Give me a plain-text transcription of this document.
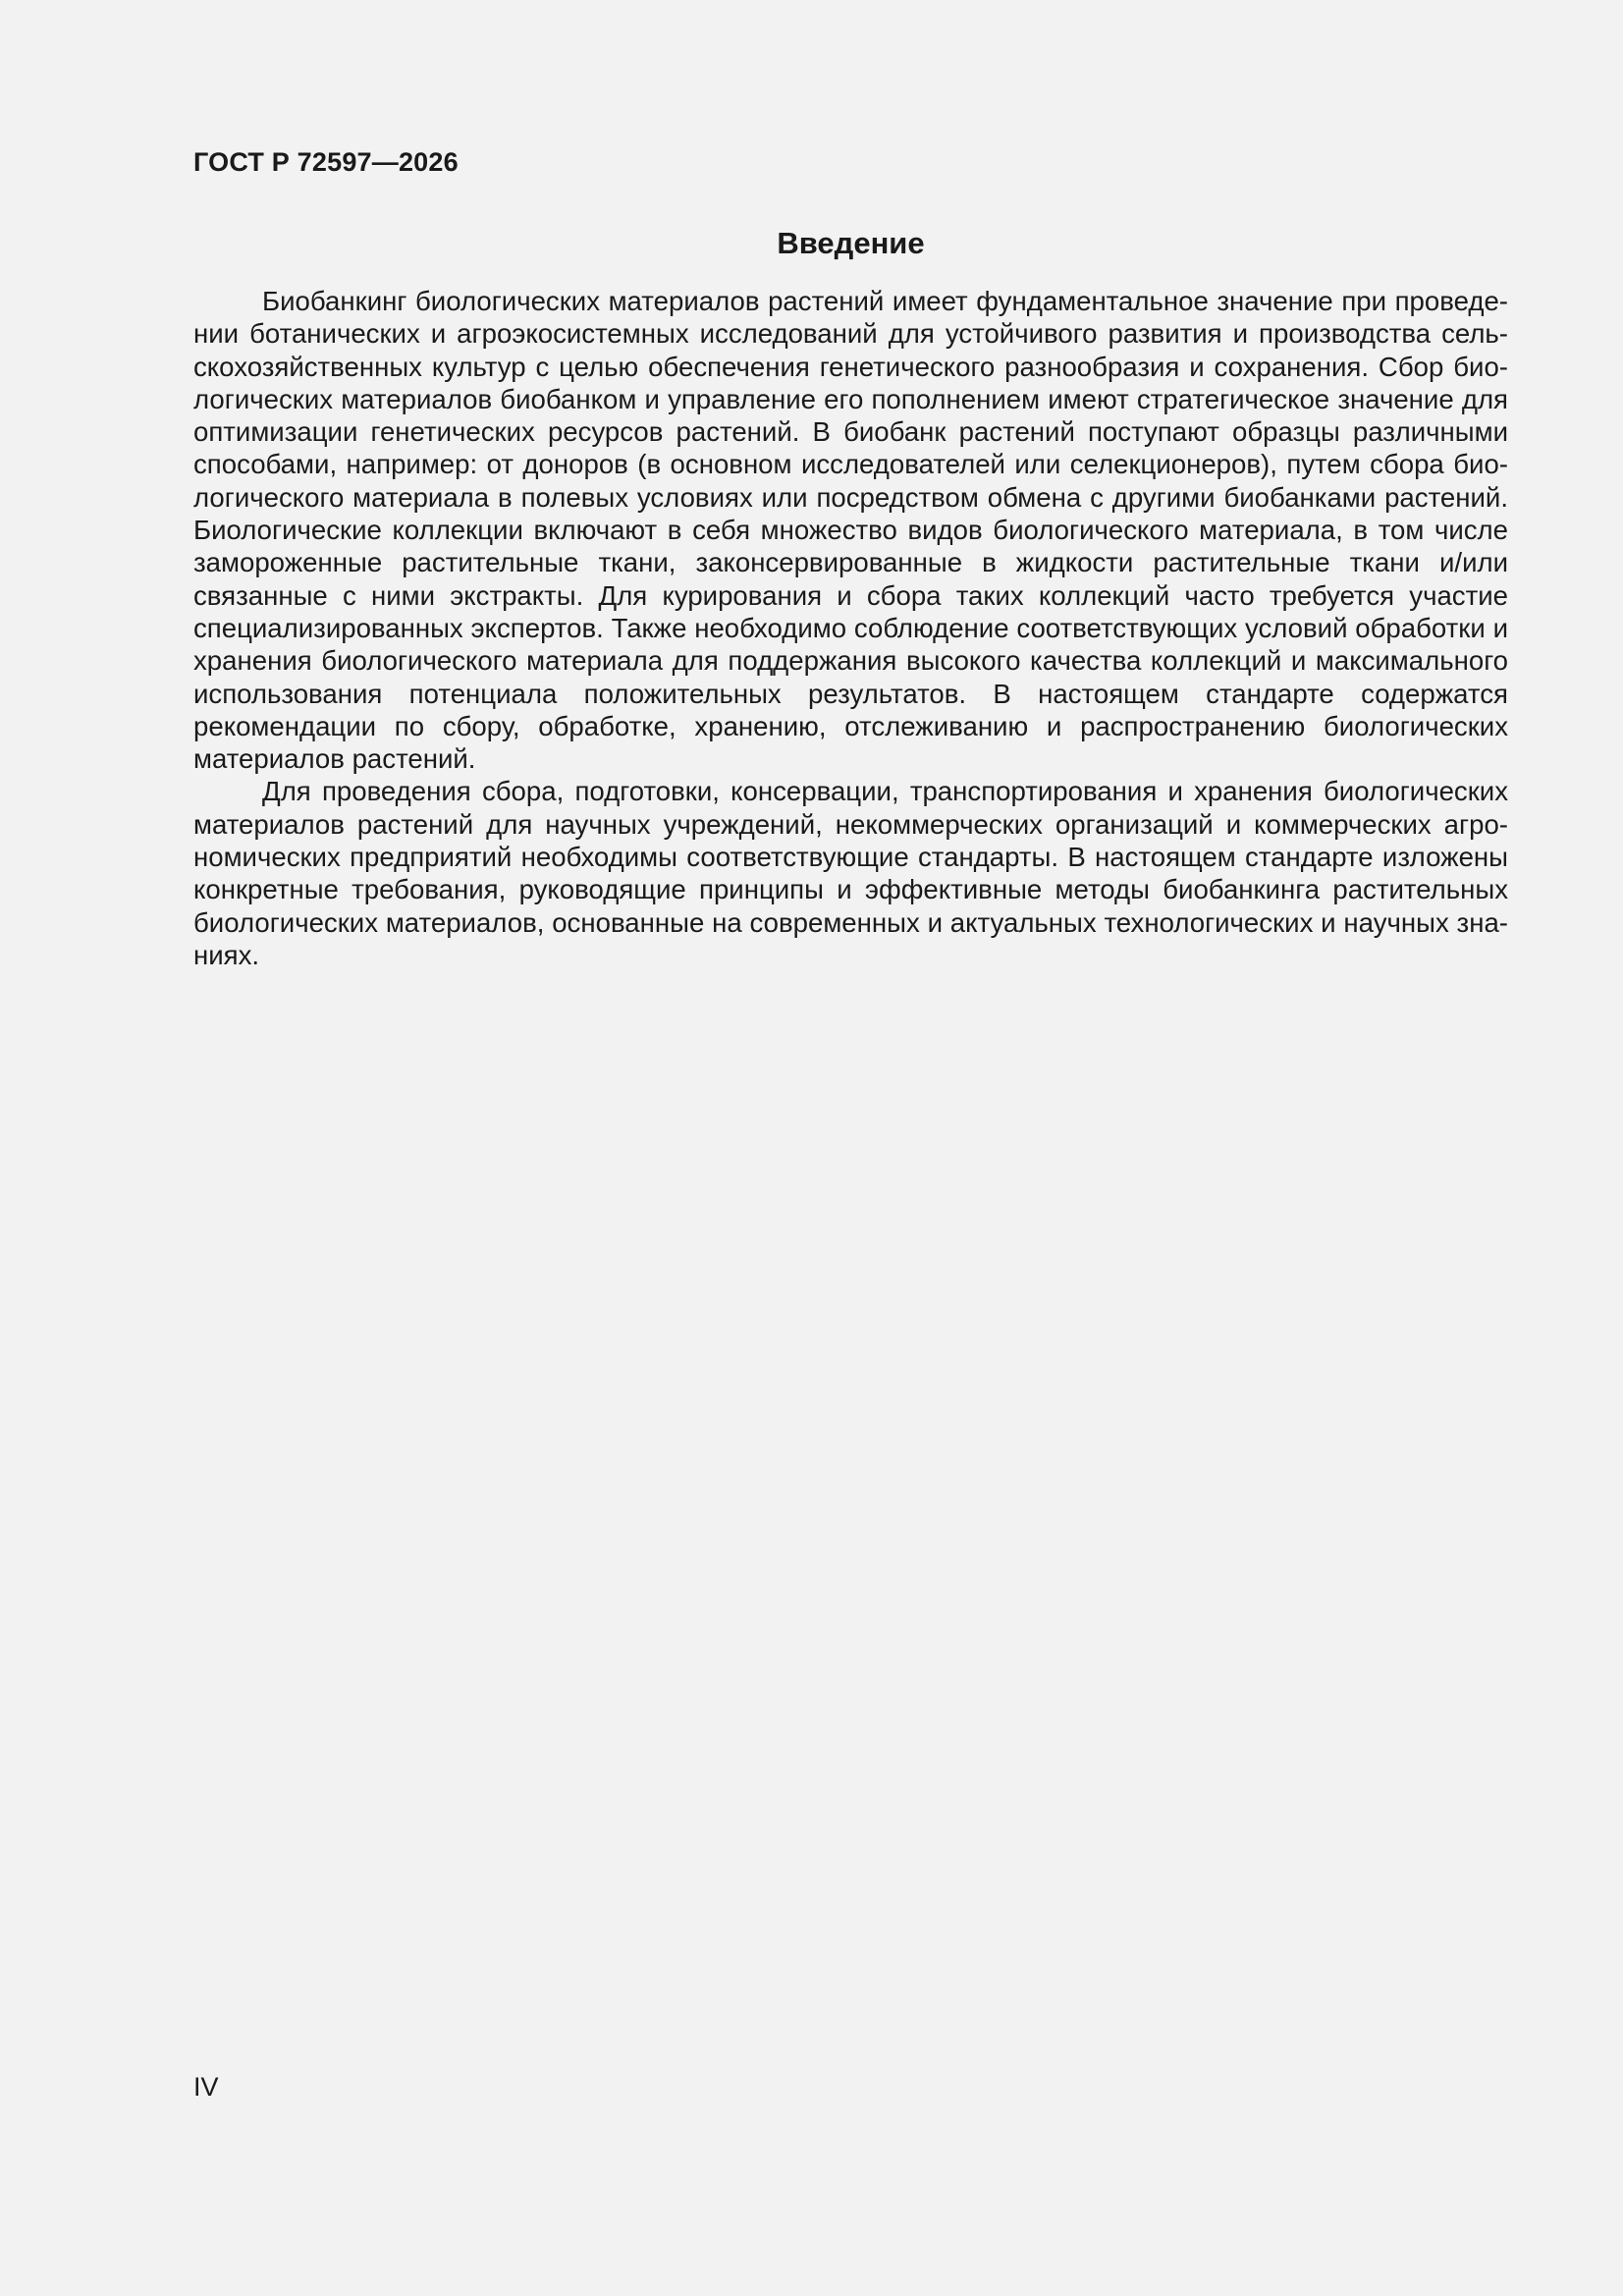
ГОСТ Р 72597—2026
Введение

Биобанкинг биологических материалов растений имеет фундаментальное значение при проведении ботанических и агроэкосистемных исследований для устойчивого развития и производства сельскохозяйственных культур с целью обеспечения генетического разнообразия и сохранения. Сбор биологических материалов биобанком и управление его пополнением имеют стратегическое значение для оптимизации генетических ресурсов растений. В биобанк растений поступают образцы различными способами, например: от доноров (в основном исследователей или селекционеров), путем сбора биологического материала в полевых условиях или посредством обмена с другими биобанками растений. Биологические коллекции включают в себя множество видов биологического материала, в том числе замороженные растительные ткани, законсервированные в жидкости растительные ткани и/или связанные с ними экстракты. Для курирования и сбора таких коллекций часто требуется участие специализированных экспертов. Также необходимо соблюдение соответствующих условий обработки и хранения биологического материала для поддержания высокого качества коллекций и максимального использования потенциала положительных результатов. В настоящем стандарте содержатся рекомендации по сбору, обработке, хранению, отслеживанию и распространению биологических материалов растений.

Для проведения сбора, подготовки, консервации, транспортирования и хранения биологических материалов растений для научных учреждений, некоммерческих организаций и коммерческих агрономических предприятий необходимы соответствующие стандарты. В настоящем стандарте изложены конкретные требования, руководящие принципы и эффективные методы биобанкинга растительных биологических материалов, основанные на современных и актуальных технологических и научных знаниях.

IV
